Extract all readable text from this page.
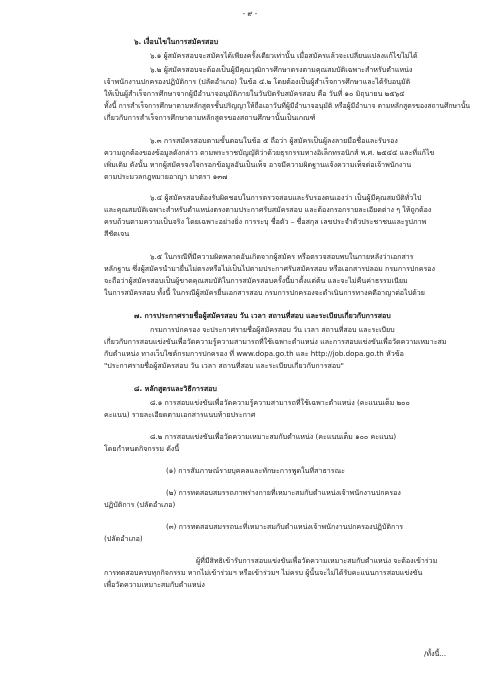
- ๙ -
๖. เงื่อนไขในการสมัครสอบ
๖.๑ ผู้สมัครสอบจะสมัครได้เพียงครั้งเดียวเท่านั้น เมื่อสมัครแล้วจะเปลี่ยนแปลงแก้ไขไม่ได้
๖.๒ ผู้สมัครสอบจะต้องเป็นผู้มีคุณวุฒิการศึกษาตรงตามคุณสมบัติเฉพาะสำหรับตำแหน่ง
เจ้าพนักงานปกครองปฏิบัติการ (ปลัดอำเภอ) ในข้อ ๔.๒ โดยต้องเป็นผู้สำเร็จการศึกษาและได้รับอนุมัติ
ให้เป็นผู้สำเร็จการศึกษาจากผู้มีอำนาจอนุมัติภายในวันปิดรับสมัครสอบ คือ วันที่ ๑๐ มิถุนายน ๒๕๖๔
ทั้งนี้ การสำเร็จการศึกษาตามหลักสูตรชั้นปริญญาให้ถือเอาวันที่ผู้มีอำนาจอนุมัติ หรือผู้มีอำนาจ ตามหลักสูตรของสถานศึกษานั้น
เกี่ยวกับการสำเร็จการศึกษาตามหลักสูตรของสถานศึกษานั้นเป็นเกณฑ์
๖.๓ การสมัครสอบตามขั้นตอนในข้อ ๕ ถือว่า ผู้สมัครเป็นผู้ลงลายมือชื่อและรับรอง
ความถูกต้องของข้อมูลดังกล่าว ตามพระราชบัญญัติว่าด้วยธุรกรรมทางอิเล็กทรอนิกส์ พ.ศ. ๒๕๔๔ และที่แก้ไข
เพิ่มเติม ดังนั้น หากผู้สมัครจงใจกรอกข้อมูลอันเป็นเท็จ อาจมีความผิดฐานแจ้งความเท็จต่อเจ้าพนักงาน
ตามประมวลกฎหมายอาญา มาตรา ๑๓๗
๖.๔ ผู้สมัครสอบต้องรับผิดชอบในการตรวจสอบและรับรองตนเองว่า เป็นผู้มีคุณสมบัติทั่วไป
และคุณสมบัติเฉพาะสำหรับตำแหน่งตรงตามประกาศรับสมัครสอบ และต้องกรอกรายละเอียดต่าง ๆ ให้ถูกต้อง
ครบถ้วนตามความเป็นจริง โดยเฉพาะอย่างยิ่ง การระบุ ชื่อตัว – ชื่อสกุล เลขประจำตัวประชาชนและรูปภาพ
สีชัดเจน
๖.๕ ในกรณีที่มีความผิดพลาดอันเกิดจากผู้สมัคร หรือตรวจสอบพบในภายหลังว่าเอกสาร
หลักฐาน ซึ่งผู้สมัครนำมายื่นไม่ตรงหรือไม่เป็นไปตามประกาศรับสมัครสอบ หรือเอกสารปลอม กรมการปกครอง
จะถือว่าผู้สมัครสอบเป็นผู้ขาดคุณสมบัติในการสมัครสอบครั้งนี้มาตั้งแต่ต้น และจะไม่คืนค่าธรรมเนียม
ในการสมัครสอบ ทั้งนี้ ในกรณีผู้สมัครยื่นเอกสารสอบ กรมการปกครองจะดำเนินการทางคดีอาญาต่อไปด้วย
๗. การประกาศรายชื่อผู้สมัครสอบ วัน เวลา สถานที่สอบ และระเบียบเกี่ยวกับการสอบ
กรมการปกครอง จะประกาศรายชื่อผู้สมัครสอบ วัน เวลา สถานที่สอบ และระเบียบ
เกี่ยวกับการสอบแข่งขันเพื่อวัดความรู้ความสามารถที่ใช้เฉพาะตำแหน่ง และการสอบแข่งขันเพื่อวัดความเหมาะสม
กับตำแหน่ง ทางเว็บไซต์กรมการปกครอง ที่ www.dopa.go.th และ http://job.dopa.go.th หัวข้อ
"ประกาศรายชื่อผู้สมัครสอบ วัน เวลา สถานที่สอบ และระเบียบเกี่ยวกับการสอบ"
๘. หลักสูตรและวิธีการสอบ
๘.๑ การสอบแข่งขันเพื่อวัดความรู้ความสามารถที่ใช้เฉพาะตำแหน่ง (คะแนนเต็ม ๒๐๐
คะแนน) รายละเอียดตามเอกสารแนบท้ายประกาศ
๘.๒ การสอบแข่งขันเพื่อวัดความเหมาะสมกับตำแหน่ง (คะแนนเต็ม ๑๐๐ คะแนน)
โดยกำหนดกิจกรรม ดังนี้
(๑) การสัมภาษณ์รายบุคคลและทักษะการพูดในที่สาธารณะ
(๒) การทดสอบสมรรถภาพร่างกายที่เหมาะสมกับตำแหน่งเจ้าพนักงานปกครอง
ปฏิบัติการ (ปลัดอำเภอ)
(๓) การทดสอบสมรรถนะที่เหมาะสมกับตำแหน่งเจ้าพนักงานปกครองปฏิบัติการ
(ปลัดอำเภอ)
ผู้ที่มีสิทธิเข้ารับการสอบแข่งขันเพื่อวัดความเหมาะสมกับตำแหน่ง จะต้องเข้าร่วม
การทดสอบครบทุกกิจกรรม หากไม่เข้าร่วมฯ หรือเข้าร่วมฯ ไม่ครบ ผู้นั้นจะไม่ได้รับคะแนนการสอบแข่งขัน
เพื่อวัดความเหมาะสมกับตำแหน่ง
/ทั้งนี้...
